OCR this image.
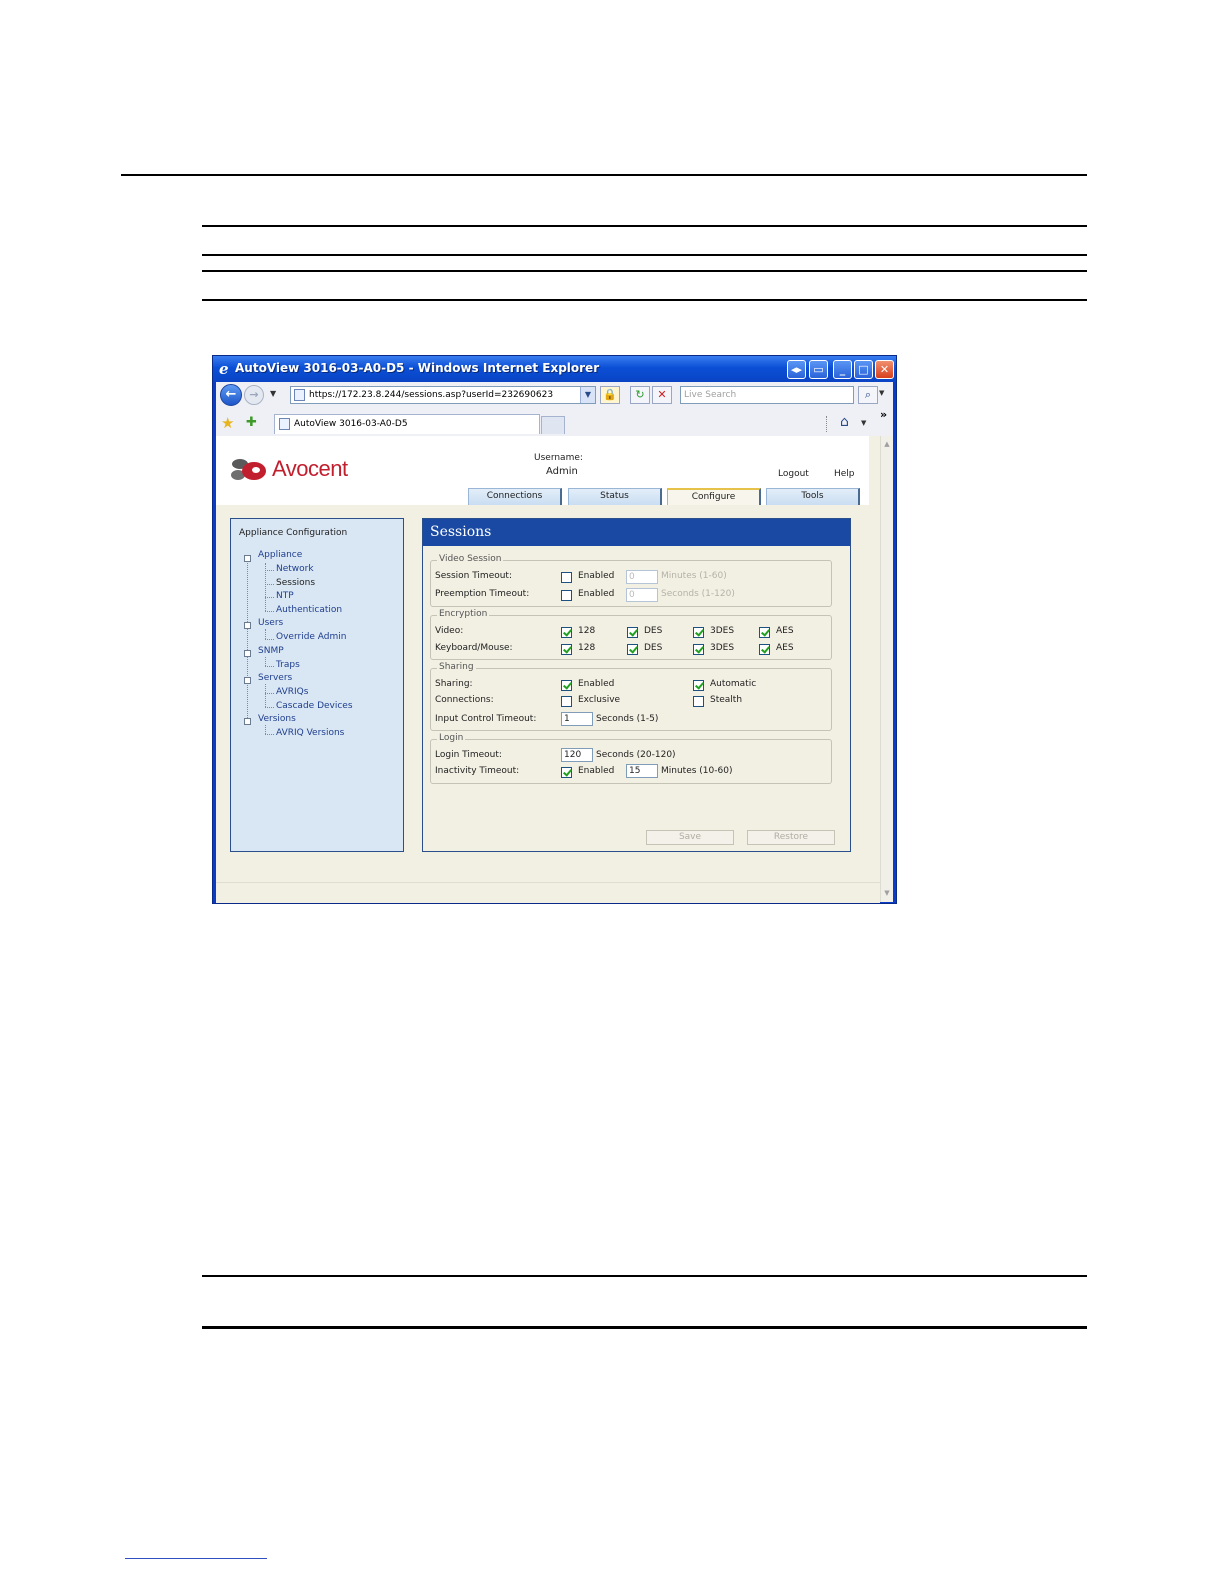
e AutoView 3016-03-A0-D5 - Windows Internet Explorer	◂▸	▭	_	□	✕
←	→	▼	https://172.23.8.244/sessions.asp?userId=232690623	▼	🔒	↻	✕	Live Search	⌕	▼
★ ✚	AutoView 3016-03-A0-D5	⌂ ▼
»
Avocent	Username:
Admin	Logout	Help
Connections	Status	Configure	Tools
Appliance Configuration
Appliance
Network
Sessions
NTP
Authentication
Users
Override Admin
SNMP
Traps
Servers
AVRIQs
Cascade Devices
Versions
AVRIQ Versions
Sessions
Video Session
Session Timeout:	Enabled	0	Minutes (1-60)
Preemption Timeout:	Enabled	0	Seconds (1-120)
Encryption
Video:	128	DES	3DES	AES
Keyboard/Mouse:	128	DES	3DES	AES
Sharing
Sharing:	Enabled	Automatic
Connections:	Exclusive	Stealth
Input Control Timeout:	1	Seconds (1-5)
Login
Login Timeout:	120	Seconds (20-120)
Inactivity Timeout:	Enabled	15	Minutes (10-60)
Save	Restore
▲
▼
